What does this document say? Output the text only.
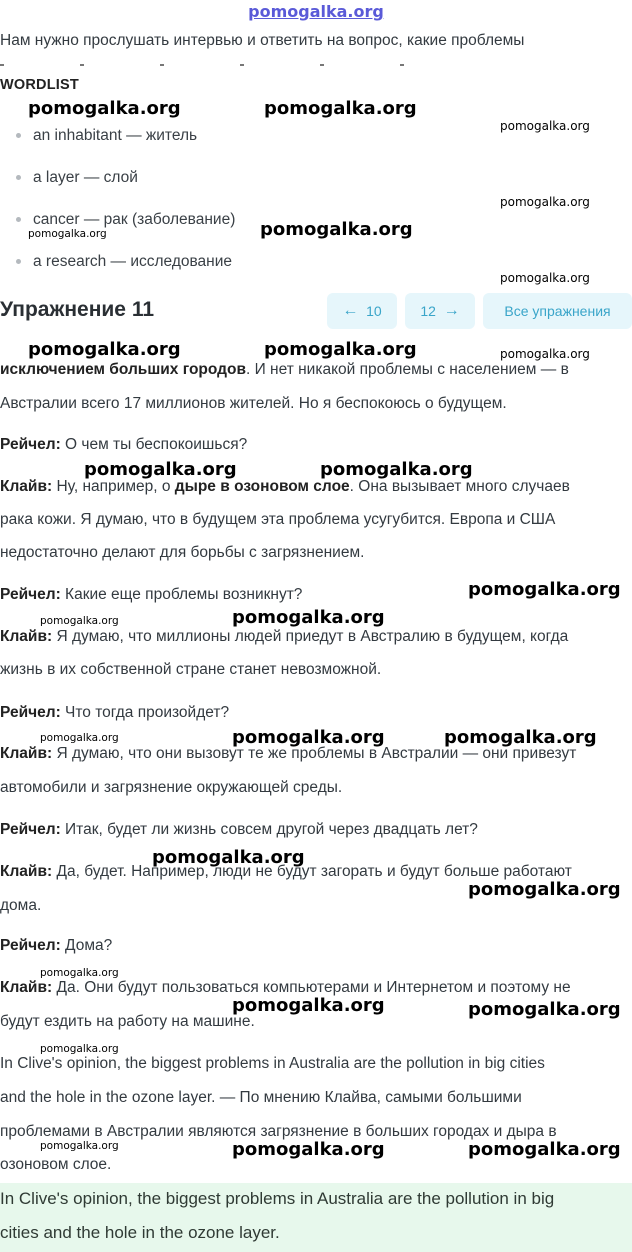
pomogalka.org
Нам нужно прослушать интервью и ответить на вопрос, какие проблемы
WORDLIST
an inhabitant — житель
a layer — слой
cancer — рак (заболевание)
a research — исследование
Упражнение 11	←
10	12
→	Все упражнения
исключением больших городов. И нет никакой проблемы с населением — в
Австралии всего 17 миллионов жителей. Но я беспокоюсь о будущем.
Рейчел: О чем ты беспокоишься?
Клайв: Ну, например, о дыре в озоновом слое. Она вызывает много случаев
рака кожи. Я думаю, что в будущем эта проблема усугубится. Европа и США
недостаточно делают для борьбы с загрязнением.
Рейчел: Какие еще проблемы возникнут?
Клайв: Я думаю, что миллионы людей приедут в Австралию в будущем, когда
жизнь в их собственной стране станет невозможной.
Рейчел: Что тогда произойдет?
Клайв: Я думаю, что они вызовут те же проблемы в Австралии — они привезут
автомобили и загрязнение окружающей среды.
Рейчел: Итак, будет ли жизнь совсем другой через двадцать лет?
Клайв: Да, будет. Например, люди не будут загорать и будут больше работают
дома.
Рейчел: Дома?
Клайв: Да. Они будут пользоваться компьютерами и Интернетом и поэтому не
будут ездить на работу на машине.
In Clive's opinion, the biggest problems in Australia are the pollution in big cities
and the hole in the ozone layer. — По мнению Клайва, самыми большими
проблемами в Австралии являются загрязнение в больших городах и дыра в
озоновом слое.
In Clive's opinion, the biggest problems in Australia are the pollution in big
cities and the hole in the ozone layer.
pomogalka.org	pomogalka.org
pomogalka.org
pomogalka.org
pomogalka.org
pomogalka.org
pomogalka.org
pomogalka.org	pomogalka.org	pomogalka.org
pomogalka.org	pomogalka.org
pomogalka.org
pomogalka.org
pomogalka.org
pomogalka.org	pomogalka.org
pomogalka.org
pomogalka.org
pomogalka.org
pomogalka.org
pomogalka.org	pomogalka.org
pomogalka.org
pomogalka.org	pomogalka.org	pomogalka.org
